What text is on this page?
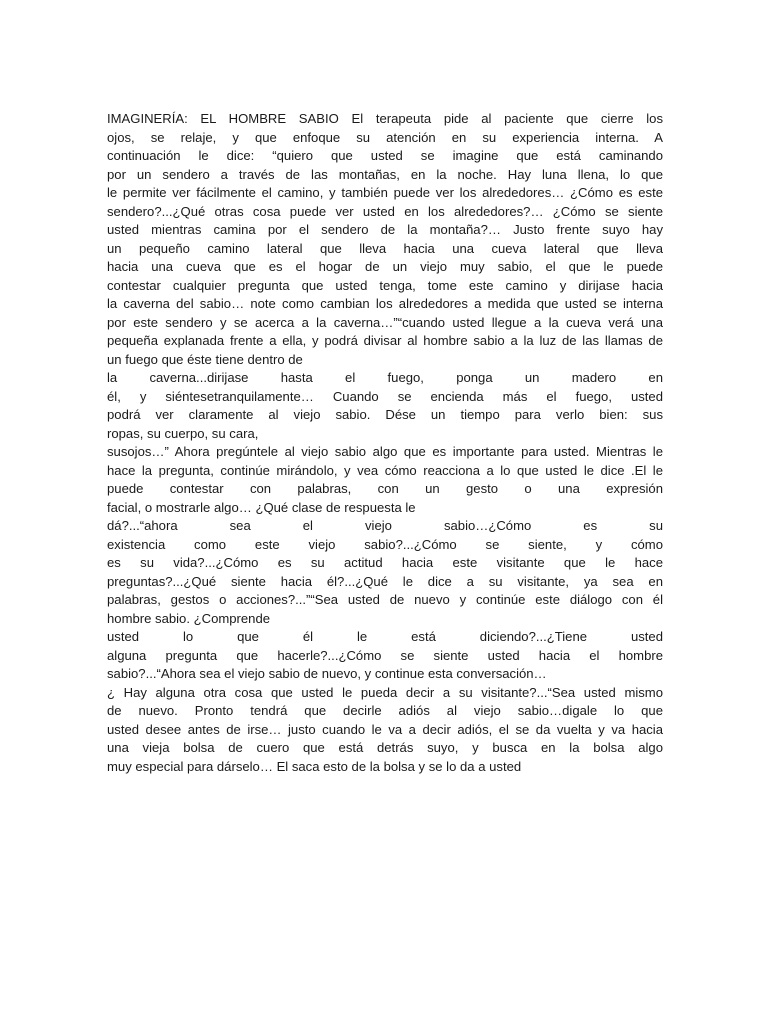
IMAGINERÍA: EL HOMBRE SABIO El terapeuta pide al paciente que cierre los
ojos, se relaje, y que enfoque su atención en su experiencia interna. A
continuación le dice: “quiero que usted se imagine que está caminando
por un sendero a través de las montañas, en la noche. Hay luna llena, lo que
le permite ver fácilmente el camino, y también puede ver los alrededores… ¿Cómo es este
sendero?...¿Qué otras cosa puede ver usted en los alrededores?… ¿Cómo se siente
usted mientras camina por el sendero de la montaña?… Justo frente suyo hay
un pequeño camino lateral que lleva hacia una cueva lateral que lleva
hacia una cueva que es el hogar de un viejo muy sabio, el que le puede
contestar cualquier pregunta que usted tenga, tome este camino y dirijase hacia
la caverna del sabio… note como cambian los alrededores a medida que usted se interna
por este sendero y se acerca a la caverna…”“cuando usted llegue a la cueva verá una
pequeña explanada frente a ella, y podrá divisar al hombre sabio a la luz de las llamas de
un fuego que éste tiene dentro de
la caverna...dirijase hasta el fuego, ponga un madero en
él, y siéntesetranquilamente… Cuando se encienda más el fuego, usted
podrá ver claramente al viejo sabio. Dése un tiempo para verlo bien: sus
ropas, su cuerpo, su cara,
susojos…” Ahora pregúntele al viejo sabio algo que es importante para usted. Mientras le
hace la pregunta, continúe mirándolo, y vea cómo reacciona a lo que usted le dice .El le
puede contestar con palabras, con un gesto o una expresión
facial, o mostrarle algo… ¿Qué clase de respuesta le
dá?...“ahora sea el viejo sabio…¿Cómo es su
existencia como este viejo sabio?...¿Cómo se siente, y cómo
es su vida?...¿Cómo es su actitud hacia este visitante que le hace
preguntas?...¿Qué siente hacia él?...¿Qué le dice a su visitante, ya sea en
palabras, gestos o acciones?...”“Sea usted de nuevo y continúe este diálogo con él
hombre sabio. ¿Comprende
usted lo que él le está diciendo?...¿Tiene usted
alguna pregunta que hacerle?...¿Cómo se siente usted hacia el hombre
sabio?...“Ahora sea el viejo sabio de nuevo, y continue esta conversación…
¿ Hay alguna otra cosa que usted le pueda decir a su visitante?...“Sea usted mismo
de nuevo. Pronto tendrá que decirle adiós al viejo sabio…digale lo que
usted desee antes de irse… justo cuando le va a decir adiós, el se da vuelta y va hacia
una vieja bolsa de cuero que está detrás suyo, y busca en la bolsa algo
muy especial para dárselo… El saca esto de la bolsa y se lo da a usted
